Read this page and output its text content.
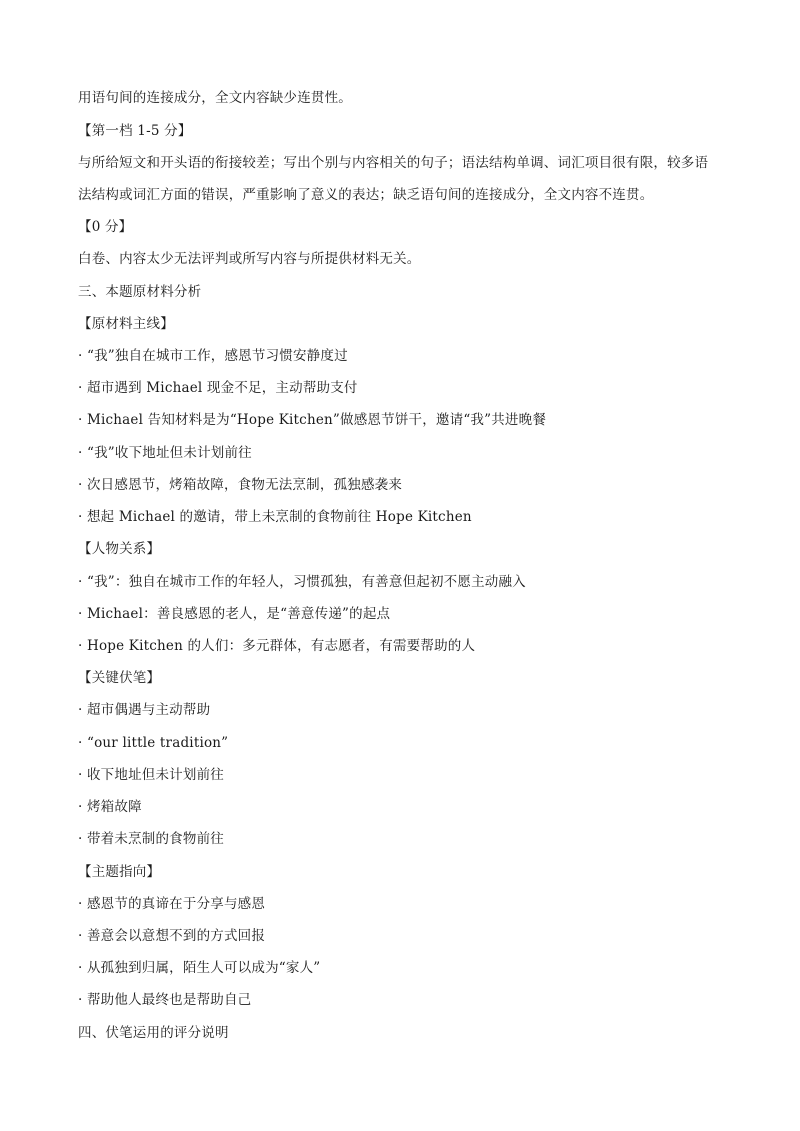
用语句间的连接成分，全文内容缺少连贯性。
【第一档 1-5 分】
与所给短文和开头语的衔接较差；写出个别与内容相关的句子；语法结构单调、词汇项目很有限，较多语
法结构或词汇方面的错误，严重影响了意义的表达；缺乏语句间的连接成分，全文内容不连贯。
【0 分】
白卷、内容太少无法评判或所写内容与所提供材料无关。
三、本题原材料分析
【原材料主线】
· “我”独自在城市工作，感恩节习惯安静度过
· 超市遇到 Michael 现金不足，主动帮助支付
· Michael 告知材料是为“Hope Kitchen”做感恩节饼干，邀请“我”共进晚餐
· “我”收下地址但未计划前往
· 次日感恩节，烤箱故障，食物无法烹制，孤独感袭来
· 想起 Michael 的邀请，带上未烹制的食物前往 Hope Kitchen
【人物关系】
· “我”：独自在城市工作的年轻人，习惯孤独，有善意但起初不愿主动融入
· Michael：善良感恩的老人，是“善意传递”的起点
· Hope Kitchen 的人们：多元群体，有志愿者，有需要帮助的人
【关键伏笔】
· 超市偶遇与主动帮助
· “our little tradition”
· 收下地址但未计划前往
· 烤箱故障
· 带着未烹制的食物前往
【主题指向】
· 感恩节的真谛在于分享与感恩
· 善意会以意想不到的方式回报
· 从孤独到归属，陌生人可以成为“家人”
· 帮助他人最终也是帮助自己
四、伏笔运用的评分说明
